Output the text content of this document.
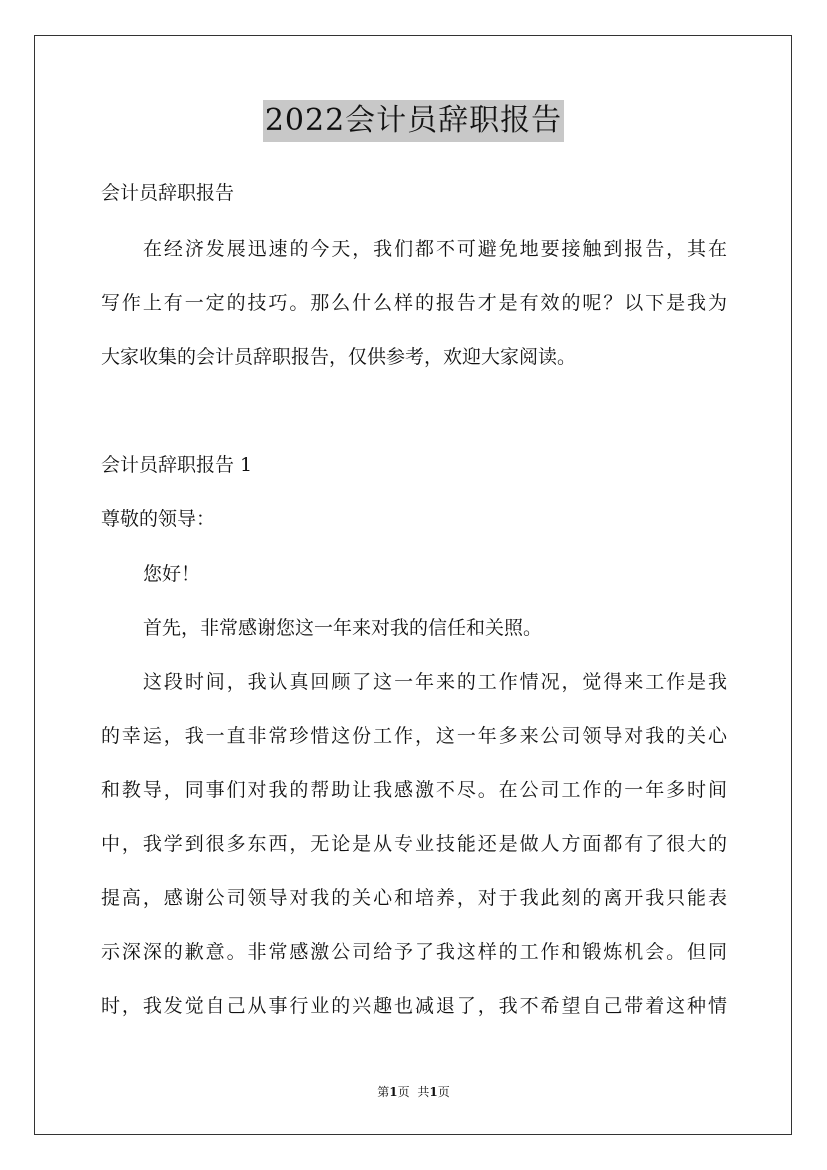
2022会计员辞职报告
会计员辞职报告
在经济发展迅速的今天，我们都不可避免地要接触到报告，其在
写作上有一定的技巧。那么什么样的报告才是有效的呢？以下是我为
大家收集的会计员辞职报告，仅供参考，欢迎大家阅读。
会计员辞职报告 1
尊敬的领导：
您好！
首先，非常感谢您这一年来对我的信任和关照。
这段时间，我认真回顾了这一年来的工作情况，觉得来工作是我
的幸运，我一直非常珍惜这份工作，这一年多来公司领导对我的关心
和教导，同事们对我的帮助让我感激不尽。在公司工作的一年多时间
中，我学到很多东西，无论是从专业技能还是做人方面都有了很大的
提高，感谢公司领导对我的关心和培养，对于我此刻的离开我只能表
示深深的歉意。非常感激公司给予了我这样的工作和锻炼机会。但同
时，我发觉自己从事行业的兴趣也减退了，我不希望自己带着这种情
第1页 共1页
